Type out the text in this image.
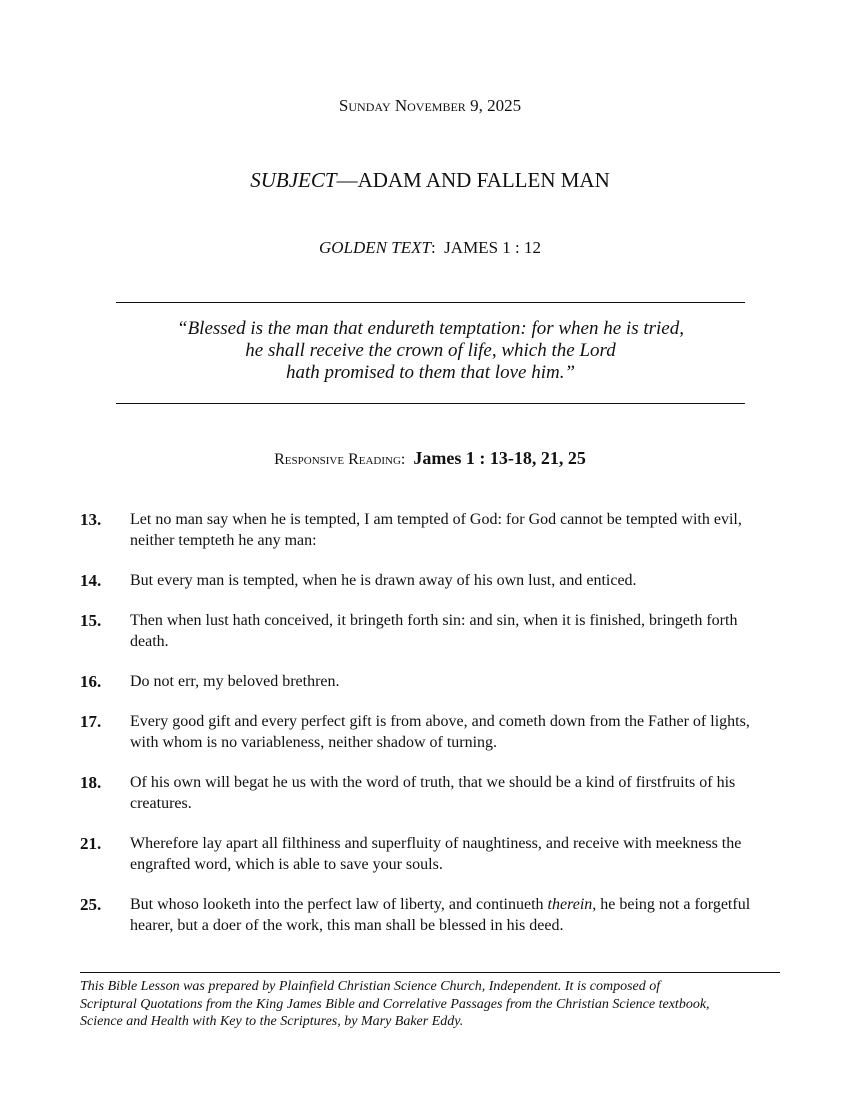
Sunday November 9, 2025
SUBJECT—ADAM AND FALLEN MAN
GOLDEN TEXT:  JAMES 1 : 12
“Blessed is the man that endureth temptation: for when he is tried,
he shall receive the crown of life, which the Lord
hath promised to them that love him.”
Responsive Reading:  James 1 : 13-18, 21, 25
13.	Let no man say when he is tempted, I am tempted of God: for God cannot be tempted with evil, neither tempteth he any man:
14.	But every man is tempted, when he is drawn away of his own lust, and enticed.
15.	Then when lust hath conceived, it bringeth forth sin: and sin, when it is finished, bringeth forth death.
16.	Do not err, my beloved brethren.
17.	Every good gift and every perfect gift is from above, and cometh down from the Father of lights, with whom is no variableness, neither shadow of turning.
18.	Of his own will begat he us with the word of truth, that we should be a kind of firstfruits of his creatures.
21.	Wherefore lay apart all filthiness and superfluity of naughtiness, and receive with meekness the engrafted word, which is able to save your souls.
25.	But whoso looketh into the perfect law of liberty, and continueth therein, he being not a forgetful hearer, but a doer of the work, this man shall be blessed in his deed.
This Bible Lesson was prepared by Plainfield Christian Science Church, Independent. It is composed of
Scriptural Quotations from the King James Bible and Correlative Passages from the Christian Science textbook,
Science and Health with Key to the Scriptures, by Mary Baker Eddy.
